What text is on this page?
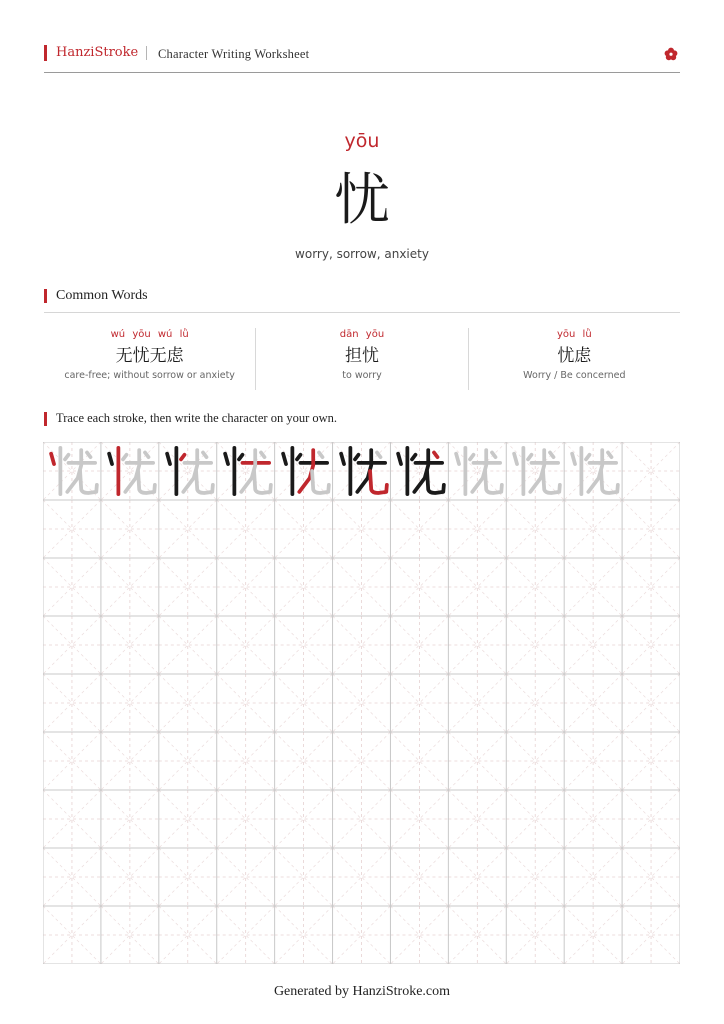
HanziStroke Character Writing Worksheet
yōu
忧
worry, sorrow, anxiety
Common Words
wú yōu wú lǜ
无忧无虑
care-free; without sorrow or anxiety
dān yōu
担忧
to worry
yōu lǜ
忧虑
Worry / Be concerned
Trace each stroke, then write the character on your own.
Generated by HanziStroke.com
